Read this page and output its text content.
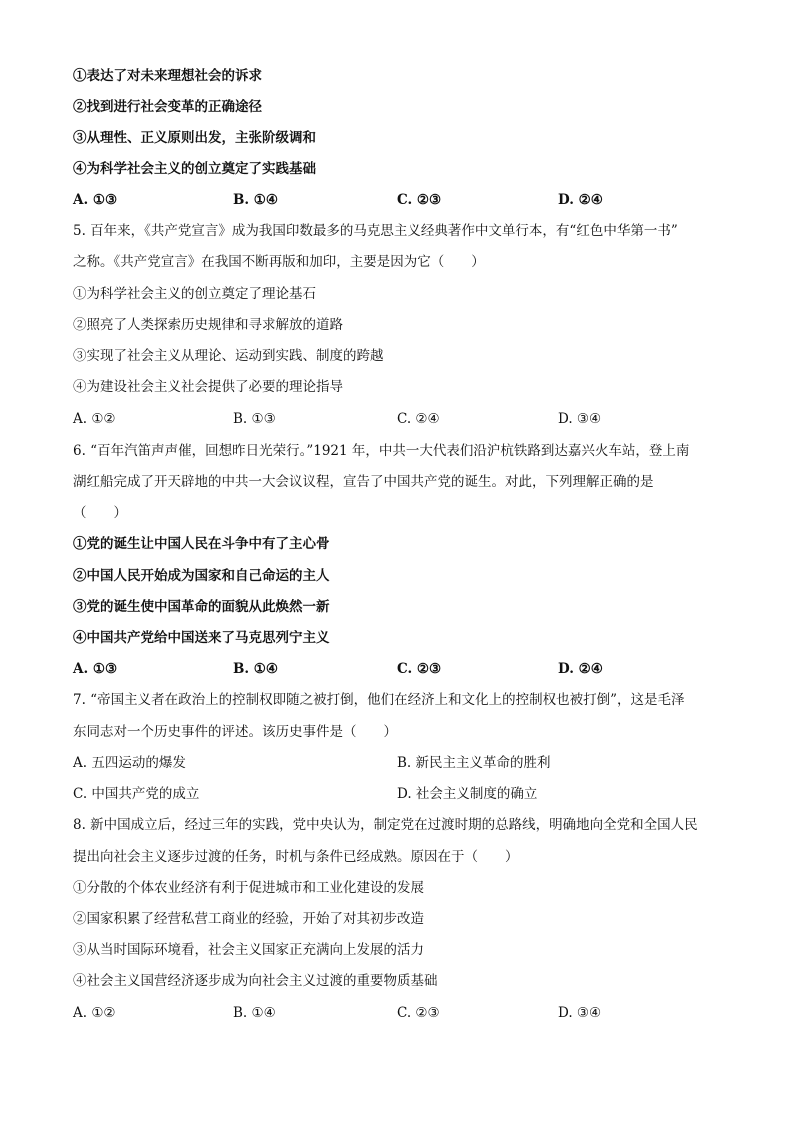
①表达了对未来理想社会的诉求
②找到进行社会变革的正确途径
③从理性、正义原则出发，主张阶级调和
④为科学社会主义的创立奠定了实践基础
A. ①③	B. ①④	C. ②③	D. ②④
5. 百年来，《共产党宣言》成为我国印数最多的马克思主义经典著作中文单行本，有“红色中华第一书”
之称。《共产党宣言》在我国不断再版和加印，主要是因为它（　　）
①为科学社会主义的创立奠定了理论基石
②照亮了人类探索历史规律和寻求解放的道路
③实现了社会主义从理论、运动到实践、制度的跨越
④为建设社会主义社会提供了必要的理论指导
A. ①②	B. ①③	C. ②④	D. ③④
6. “百年汽笛声声催，回想昨日光荣行。”1921 年，中共一大代表们沿沪杭铁路到达嘉兴火车站，登上南
湖红船完成了开天辟地的中共一大会议议程，宣告了中国共产党的诞生。对此，下列理解正确的是
（　　）
①党的诞生让中国人民在斗争中有了主心骨
②中国人民开始成为国家和自己命运的主人
③党的诞生使中国革命的面貌从此焕然一新
④中国共产党给中国送来了马克思列宁主义
A. ①③	B. ①④	C. ②③	D. ②④
7. “帝国主义者在政治上的控制权即随之被打倒，他们在经济上和文化上的控制权也被打倒”，这是毛泽
东同志对一个历史事件的评述。该历史事件是（　　）
A. 五四运动的爆发	B. 新民主主义革命的胜利
C. 中国共产党的成立	D. 社会主义制度的确立
8. 新中国成立后，经过三年的实践，党中央认为，制定党在过渡时期的总路线，明确地向全党和全国人民
提出向社会主义逐步过渡的任务，时机与条件已经成熟。原因在于（　　）
①分散的个体农业经济有利于促进城市和工业化建设的发展
②国家积累了经营私营工商业的经验，开始了对其初步改造
③从当时国际环境看，社会主义国家正充满向上发展的活力
④社会主义国营经济逐步成为向社会主义过渡的重要物质基础
A. ①②	B. ①④	C. ②③	D. ③④
